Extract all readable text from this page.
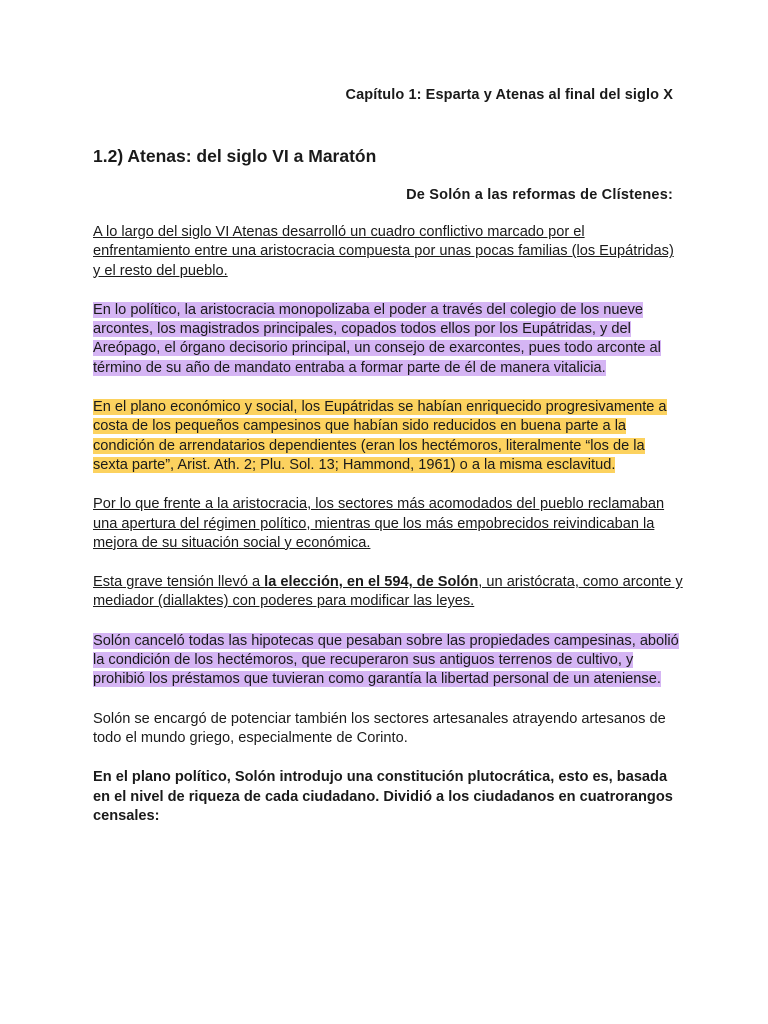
Capítulo 1: Esparta y Atenas al final del siglo X
1.2) Atenas: del siglo VI a Maratón
De Solón a las reformas de Clístenes:

A lo largo del siglo VI Atenas desarrolló un cuadro conflictivo marcado por el enfrentamiento entre una aristocracia compuesta por unas pocas familias (los Eupátridas) y el resto del pueblo.

En lo político, la aristocracia monopolizaba el poder a través del colegio de los nueve arcontes, los magistrados principales, copados todos ellos por los Eupátridas, y del Areópago, el órgano decisorio principal, un consejo de exarcontes, pues todo arconte al término de su año de mandato entraba a formar parte de él de manera vitalicia.

En el plano económico y social, los Eupátridas se habían enriquecido progresivamente a costa de los pequeños campesinos que habían sido reducidos en buena parte a la condición de arrendatarios dependientes (eran los hectémoros, literalmente “los de la sexta parte”, Arist. Ath. 2; Plu. Sol. 13; Hammond, 1961) o a la misma esclavitud.

Por lo que frente a la aristocracia, los sectores más acomodados del pueblo reclamaban una apertura del régimen político, mientras que los más empobrecidos reivindicaban la mejora de su situación social y económica.

Esta grave tensión llevó a la elección, en el 594, de Solón, un aristócrata, como arconte y mediador (diallaktes) con poderes para modificar las leyes.

Solón canceló todas las hipotecas que pesaban sobre las propiedades campesinas, abolió la condición de los hectémoros, que recuperaron sus antiguos terrenos de cultivo, y prohibió los préstamos que tuvieran como garantía la libertad personal de un ateniense.

Solón se encargó de potenciar también los sectores artesanales atrayendo artesanos de todo el mundo griego, especialmente de Corinto.

En el plano político, Solón introdujo una constitución plutocrática, esto es, basada en el nivel de riqueza de cada ciudadano. Dividió a los ciudadanos en cuatrorangos censales:
